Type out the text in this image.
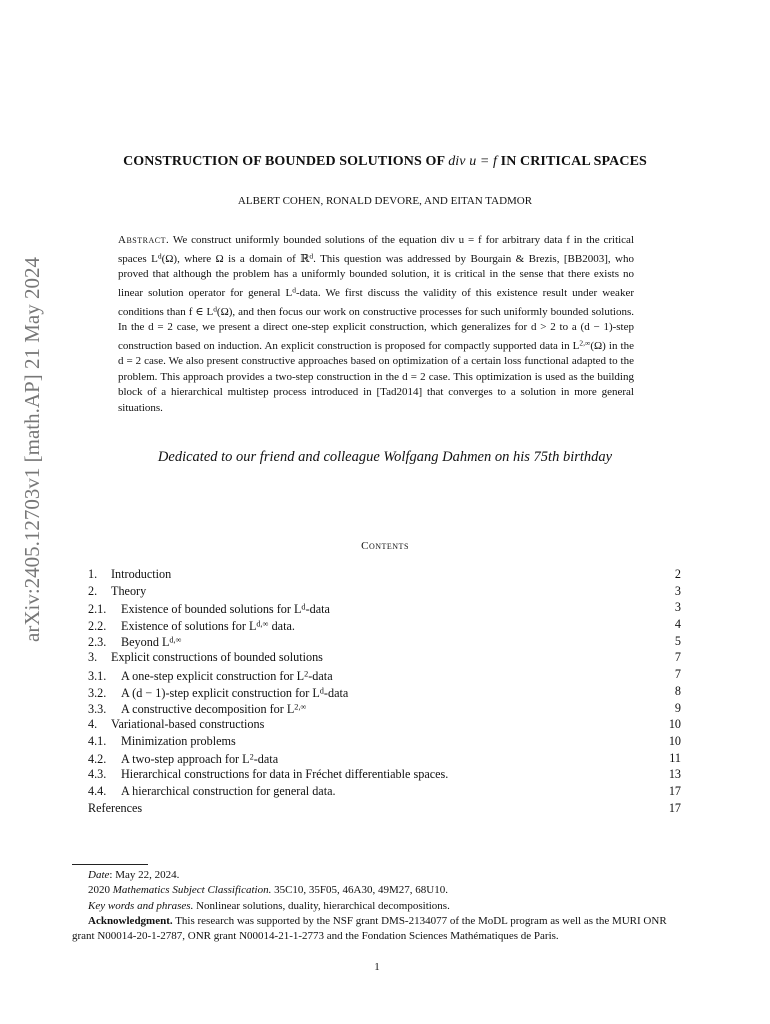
arXiv:2405.12703v1 [math.AP] 21 May 2024
CONSTRUCTION OF BOUNDED SOLUTIONS OF div u = f IN CRITICAL SPACES
ALBERT COHEN, RONALD DEVORE, AND EITAN TADMOR
Abstract. We construct uniformly bounded solutions of the equation div u = f for arbitrary data f in the critical spaces $L^d(\Omega)$, where Ω is a domain of ℝ$^d$. This question was addressed by Bourgain & Brezis, [BB2003], who proved that although the problem has a uniformly bounded solution, it is critical in the sense that there exists no linear solution operator for general $L^d$-data. We first discuss the validity of this existence result under weaker conditions than f ∈ $L^d(\Omega)$, and then focus our work on constructive processes for such uniformly bounded solutions. In the d = 2 case, we present a direct one-step explicit construction, which generalizes for d > 2 to a (d − 1)-step construction based on induction. An explicit construction is proposed for compactly supported data in $L^{2,\infty}(\Omega)$ in the d = 2 case. We also present constructive approaches based on optimization of a certain loss functional adapted to the problem. This approach provides a two-step construction in the d = 2 case. This optimization is used as the building block of a hierarchical multistep process introduced in [Tad2014] that converges to a solution in more general situations.
Dedicated to our friend and colleague Wolfgang Dahmen on his 75th birthday
Contents
1. Introduction	2
2. Theory	3
2.1. Existence of bounded solutions for $L^d$-data	3
2.2. Existence of solutions for $L^{d,\infty}$ data.	4
2.3. Beyond $L^{d,\infty}$	5
3. Explicit constructions of bounded solutions	7
3.1. A one-step explicit construction for $L^2$-data	7
3.2. A (d − 1)-step explicit construction for $L^d$-data	8
3.3. A constructive decomposition for $L^{2,\infty}$	9
4. Variational-based constructions	10
4.1. Minimization problems	10
4.2. A two-step approach for $L^2$-data	11
4.3. Hierarchical constructions for data in Fréchet differentiable spaces.	13
4.4. A hierarchical construction for general data.	17
References	17
Date: May 22, 2024.
2020 Mathematics Subject Classification. 35C10, 35F05, 46A30, 49M27, 68U10.
Key words and phrases. Nonlinear solutions, duality, hierarchical decompositions.
Acknowledgment. This research was supported by the NSF grant DMS-2134077 of the MoDL program as well as the MURI ONR grant N00014-20-1-2787, ONR grant N00014-21-1-2773 and the Fondation Sciences Mathématiques de Paris.
1
